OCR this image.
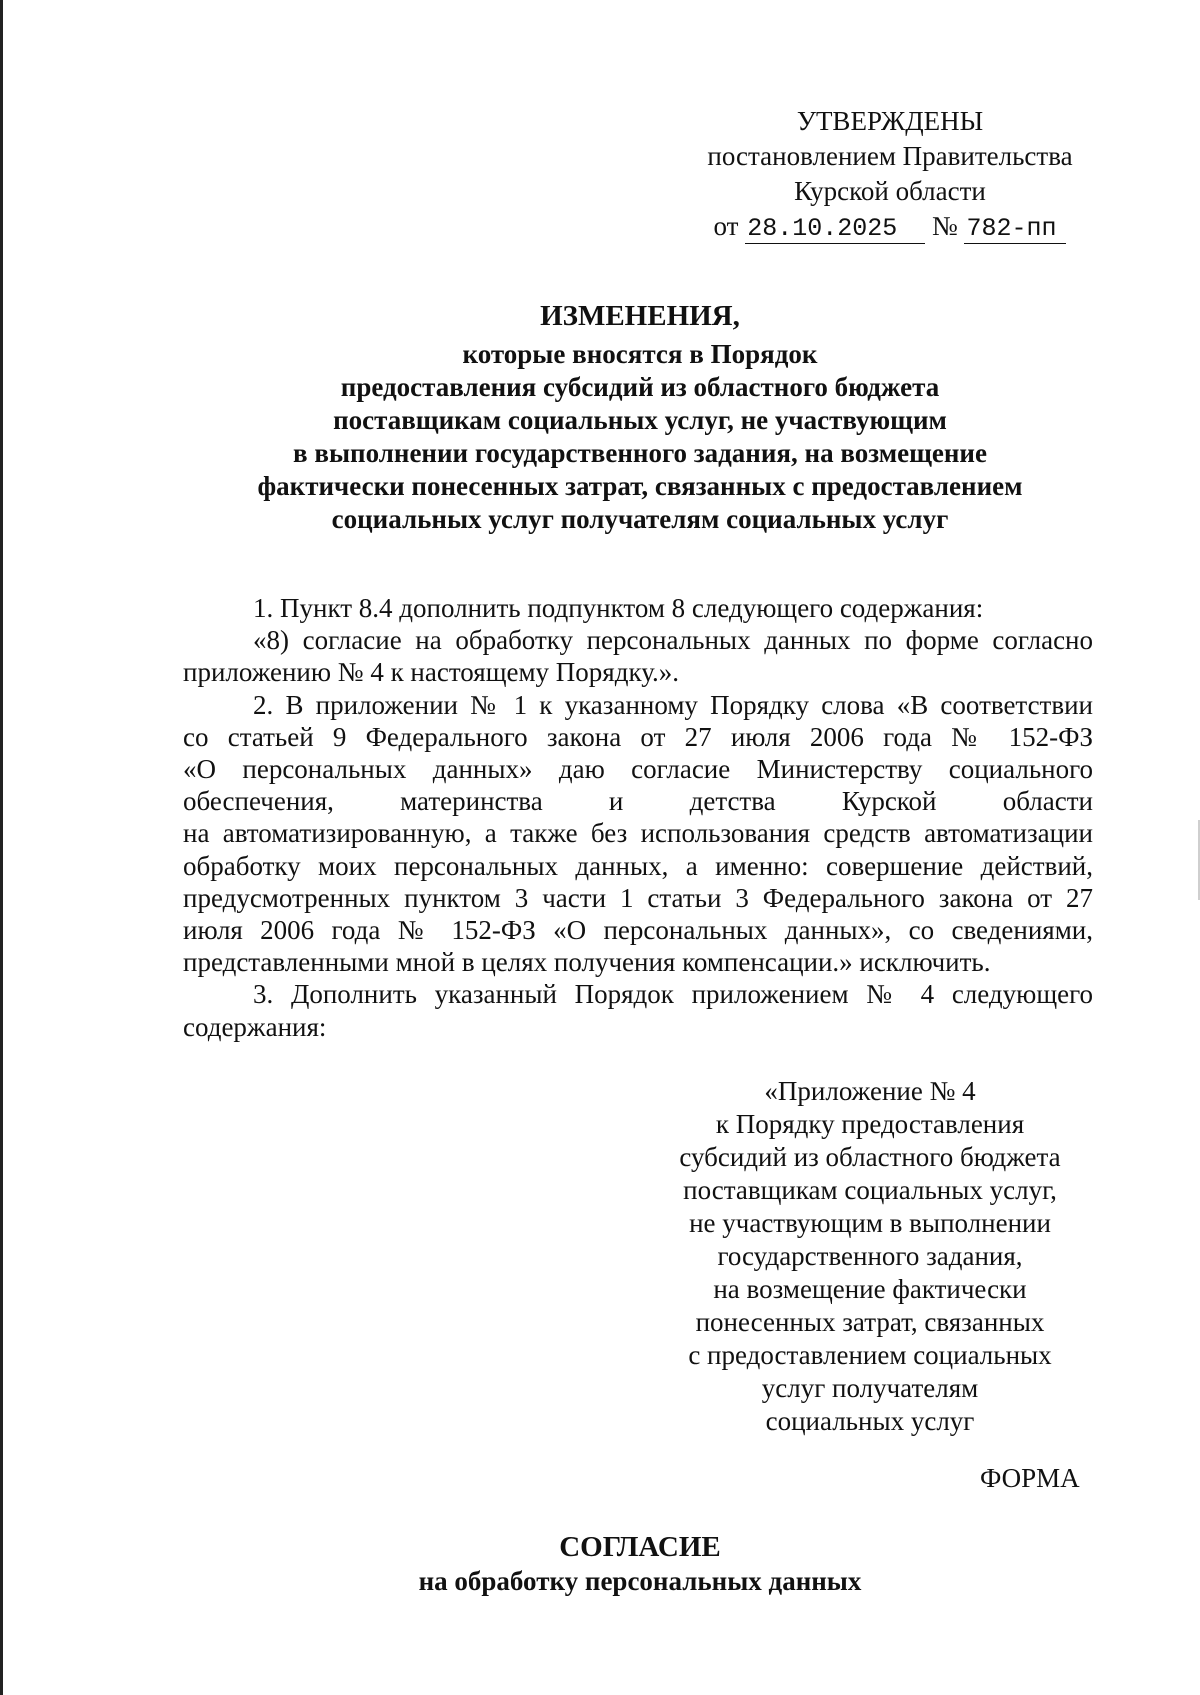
УТВЕРЖДЕНЫ
постановлением Правительства
Курской области
от 28.10.2025 № 782-пп
ИЗМЕНЕНИЯ,
которые вносятся в Порядок
предоставления субсидий из областного бюджета
поставщикам социальных услуг, не участвующим
в выполнении государственного задания, на возмещение
фактически понесенных затрат, связанных с предоставлением
социальных услуг получателям социальных услуг
1. Пункт 8.4 дополнить подпунктом 8 следующего содержания:
«8) согласие на обработку персональных данных по форме согласно
приложению № 4 к настоящему Порядку.».
2. В приложении № 1 к указанному Порядку слова «В соответствии
со статьей 9 Федерального закона от 27 июля 2006 года № 152-ФЗ
«О персональных данных» даю согласие Министерству социального
обеспечения, материнства и детства Курской области
на автоматизированную, а также без использования средств автоматизации
обработку моих персональных данных, а именно: совершение действий,
предусмотренных пунктом 3 части 1 статьи 3 Федерального закона от 27
июля 2006 года № 152-ФЗ «О персональных данных», со сведениями,
представленными мной в целях получения компенсации.» исключить.
3. Дополнить указанный Порядок приложением № 4 следующего
содержания:
«Приложение № 4
к Порядку предоставления
субсидий из областного бюджета
поставщикам социальных услуг,
не участвующим в выполнении
государственного задания,
на возмещение фактически
понесенных затрат, связанных
с предоставлением социальных
услуг получателям
социальных услуг
ФОРМА
СОГЛАСИЕ
на обработку персональных данных
